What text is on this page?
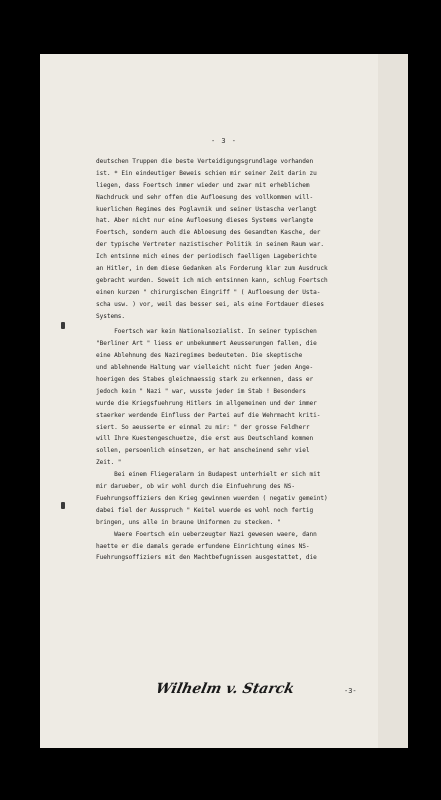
- 3 -
deutschen Truppen die beste Verteidigungsgrundlage vorhanden
ist. * Ein eindeutiger Beweis schien mir seiner Zeit darin zu
liegen, dass Foertsch immer wieder und zwar mit erheblichem
Nachdruck und sehr offen die Aufloesung des vollkommen will-
kuerlichen Regimes des Poglavnik und seiner Ustascha verlangt
hat. Aber nicht nur eine Aufloesung dieses Systems verlangte
Foertsch, sondern auch die Abloesung des Gesandten Kasche, der
der typische Vertreter nazistischer Politik in seinem Raum war.
Ich entsinne mich eines der periodisch faelligen Lageberichte
an Hitler, in dem diese Gedanken als Forderung klar zum Ausdruck
gebracht wurden. Soweit ich mich entsinnen kann, schlug Foertsch
einen kurzen " chirurgischen Eingriff " ( Aufloesung der Usta-
scha usw. ) vor, weil das besser sei, als eine Fortdauer dieses
Systems.
Foertsch war kein Nationalsozialist. In seiner typischen
"Berliner Art " liess er unbekummert Aeusserungen fallen, die
eine Ablehnung des Naziregimes bedeuteten. Die skeptische
und ablehnende Haltung war vielleicht nicht fuer jeden Ange-
hoerigen des Stabes gleichmaessig stark zu erkennen, dass er
jedoch kein " Nazi " war, wusste jeder im Stab ! Besonders
wurde die Kriegsfuehrung Hitlers im allgemeinen und der immer
staerker werdende Einfluss der Partei auf die Wehrmacht kriti-
siert. So aeusserte er einmal zu mir: " der grosse Feldherr
will Ihre Kuestengeschuetze, die erst aus Deutschland kommen
sollen, persoenlich einsetzen, er hat anscheinend sehr viel
Zeit. "
Bei einem Fliegeralarm in Budapest unterhielt er sich mit
mir darueber, ob wir wohl durch die Einfuehrung des NS-
Fuehrungsoffiziers den Krieg gewinnen wuerden ( negativ gemeint)
dabei fiel der Ausspruch " Keitel wuerde es wohl noch fertig
bringen, uns alle in braune Uniformen zu stecken. "
Waere Foertsch ein ueberzeugter Nazi gewesen waere, dann
haette er die damals gerade erfundene Einrichtung eines NS-
Fuehrungsoffiziers mit den Machtbefugnissen ausgestattet, die
Wilhelm v. Starck	-3-
